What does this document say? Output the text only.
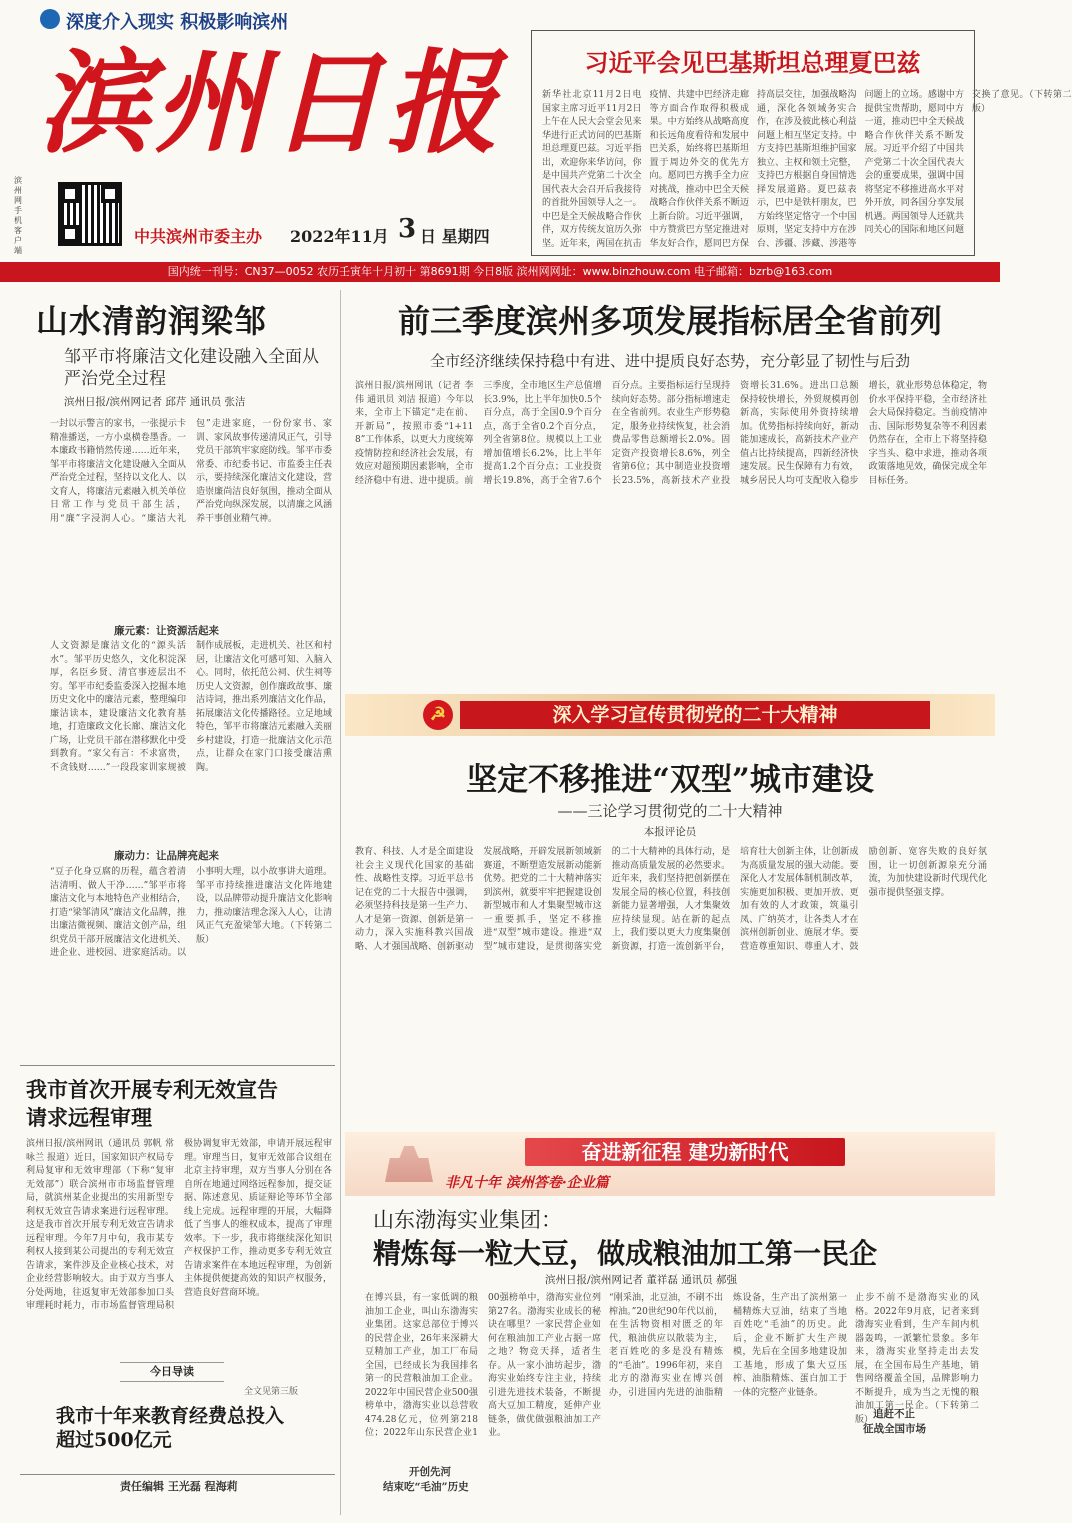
深度介入现实 积极影响滨州
滨州日报
滨州网手机客户端
中共滨州市委主办 2022年11月 3 日 星期四
习近平会见巴基斯坦总理夏巴兹
新华社北京11月2日电 国家主席习近平11月2日上午在人民大会堂会见来华进行正式访问的巴基斯坦总理夏巴兹。习近平指出，欢迎你来华访问，你是中国共产党第二十次全国代表大会召开后我接待的首批外国领导人之一。中巴是全天候战略合作伙伴，双方传统友谊历久弥坚。近年来，两国在抗击疫情、共建中巴经济走廊等方面合作取得积极成果。中方始终从战略高度和长远角度看待和发展中巴关系，始终将巴基斯坦置于周边外交的优先方向。愿同巴方携手全力应对挑战，推动中巴全天候战略合作伙伴关系不断迈上新台阶。习近平强调，中方赞赏巴方坚定推进对华友好合作，愿同巴方保持高层交往，加强战略沟通，深化各领域务实合作，在涉及彼此核心利益问题上相互坚定支持。中方支持巴基斯坦维护国家独立、主权和领土完整，支持巴方根据自身国情选择发展道路。夏巴兹表示，巴中是铁杆朋友，巴方始终坚定恪守一个中国原则，坚定支持中方在涉台、涉疆、涉藏、涉港等问题上的立场。感谢中方提供宝贵帮助，愿同中方一道，推动巴中全天候战略合作伙伴关系不断发展。习近平介绍了中国共产党第二十次全国代表大会的重要成果，强调中国将坚定不移推进高水平对外开放，同各国分享发展机遇。两国领导人还就共同关心的国际和地区问题交换了意见。（下转第二版）
国内统一刊号：CN37—0052 农历壬寅年十月初十 第8691期 今日8版 滨州网网址：www.binzhouw.com 电子邮箱：bzrb@163.com
山水清韵润梁邹
邹平市将廉洁文化建设融入全面从严治党全过程
滨州日报/滨州网记者 邱芹 通讯员 张洁
一封以示警言的家书，一张提示卡精准播送，一方小桌横卷墨香。一本廉政书籍悄然传递……近年来，邹平市将廉洁文化建设融入全面从严治党全过程，坚持以文化人、以文育人，将廉洁元素融入机关单位日常工作与党员干部生活，用“廉”字浸润人心。“廉洁大礼包”走进家庭，一份份家书、家训、家风故事传递清风正气，引导党员干部筑牢家庭防线。邹平市委常委、市纪委书记、市监委主任表示，要持续深化廉洁文化建设，营造崇廉尚洁良好氛围，推动全面从严治党向纵深发展，以清廉之风涵养干事创业精气神。
廉元素：让资源活起来
人文资源是廉洁文化的“源头活水”。邹平历史悠久，文化积淀深厚，名臣乡贤、清官事迹层出不穷。邹平市纪委监委深入挖掘本地历史文化中的廉洁元素，整理编印廉洁读本，建设廉洁文化教育基地，打造廉政文化长廊、廉洁文化广场，让党员干部在潜移默化中受到教育。“家父有言：不求富贵，不贪钱财……”一段段家训家规被制作成展板，走进机关、社区和村居，让廉洁文化可感可知、入脑入心。同时，依托范公祠、伏生祠等历史人文资源，创作廉政故事、廉洁诗词，推出系列廉洁文化作品，拓展廉洁文化传播路径。立足地域特色，邹平市将廉洁元素融入美丽乡村建设，打造一批廉洁文化示范点，让群众在家门口接受廉洁熏陶。
廉动力：让品牌亮起来
“豆子化身豆腐的历程，蕴含着清洁清明、做人干净……”邹平市将廉洁文化与本地特色产业相结合，打造“梁邹清风”廉洁文化品牌，推出廉洁微视频、廉洁文创产品，组织党员干部开展廉洁文化进机关、进企业、进校园、进家庭活动。以小事明大理，以小故事讲大道理。邹平市持续推进廉洁文化阵地建设，以品牌带动提升廉洁文化影响力，推动廉洁理念深入人心，让清风正气充盈梁邹大地。（下转第二版）
我市首次开展专利无效宣告请求远程审理
滨州日报/滨州网讯（通讯员 郭帆 常咏兰 报道）近日，国家知识产权局专利局复审和无效审理部（下称“复审无效部”）联合滨州市市场监督管理局，就滨州某企业提出的实用新型专利权无效宣告请求案进行远程审理。这是我市首次开展专利无效宣告请求远程审理。今年7月中旬，我市某专利权人接到某公司提出的专利无效宣告请求，案件涉及企业核心技术，对企业经营影响较大。由于双方当事人分处两地，往返复审无效部参加口头审理耗时耗力，市市场监督管理局积极协调复审无效部，申请开展远程审理。审理当日，复审无效部合议组在北京主持审理，双方当事人分别在各自所在地通过网络远程参加，提交证据、陈述意见、质证辩论等环节全部线上完成。远程审理的开展，大幅降低了当事人的维权成本，提高了审理效率。下一步，我市将继续深化知识产权保护工作，推动更多专利无效宣告请求案件在本地远程审理，为创新主体提供便捷高效的知识产权服务，营造良好营商环境。
今日导读
全文见第三版
我市十年来教育经费总投入超过500亿元
责任编辑 王光磊 程海莉
前三季度滨州多项发展指标居全省前列
全市经济继续保持稳中有进、进中提质良好态势，充分彰显了韧性与后劲
滨州日报/滨州网讯（记者 李伟 通讯员 刘洁 报道）今年以来，全市上下锚定“走在前、开新局”，按照市委“1+118”工作体系，以更大力度统筹疫情防控和经济社会发展，有效应对超预期因素影响，全市经济稳中有进、进中提质。前三季度，全市地区生产总值增长3.9%，比上半年加快0.5个百分点，高于全国0.9个百分点，高于全省0.2个百分点，列全省第8位。规模以上工业增加值增长6.2%，比上半年提高1.2个百分点；工业投资增长19.8%，高于全省7.6个百分点。主要指标运行呈现持续向好态势。部分指标增速走在全省前列。农业生产形势稳定，服务业持续恢复，社会消费品零售总额增长2.0%。固定资产投资增长8.6%，列全省第6位；其中制造业投资增长23.5%，高新技术产业投资增长31.6%。进出口总额保持较快增长，外贸规模再创新高，实际使用外资持续增加。优势指标持续向好，新动能加速成长，高新技术产业产值占比持续提高，四新经济快速发展。民生保障有力有效，城乡居民人均可支配收入稳步增长，就业形势总体稳定，物价水平保持平稳，全市经济社会大局保持稳定。当前疫情冲击、国际形势复杂等不利因素仍然存在，全市上下将坚持稳字当头、稳中求进，推动各项政策落地见效，确保完成全年目标任务。
☭	深入学习宣传贯彻党的二十大精神
坚定不移推进“双型”城市建设
——三论学习贯彻党的二十大精神
本报评论员
教育、科技、人才是全面建设社会主义现代化国家的基础性、战略性支撑。习近平总书记在党的二十大报告中强调，必须坚持科技是第一生产力、人才是第一资源、创新是第一动力，深入实施科教兴国战略、人才强国战略、创新驱动发展战略，开辟发展新领域新赛道，不断塑造发展新动能新优势。把党的二十大精神落实到滨州，就要牢牢把握建设创新型城市和人才集聚型城市这一重要抓手，坚定不移推进“双型”城市建设。推进“双型”城市建设，是贯彻落实党的二十大精神的具体行动，是推动高质量发展的必然要求。近年来，我们坚持把创新摆在发展全局的核心位置，科技创新能力显著增强，人才集聚效应持续显现。站在新的起点上，我们要以更大力度集聚创新资源，打造一流创新平台，培育壮大创新主体，让创新成为高质量发展的强大动能。要深化人才发展体制机制改革，实施更加积极、更加开放、更加有效的人才政策，筑巢引凤、广纳英才，让各类人才在滨州创新创业、施展才华。要营造尊重知识、尊重人才、鼓励创新、宽容失败的良好氛围，让一切创新源泉充分涌流，为加快建设新时代现代化强市提供坚强支撑。
奋进新征程 建功新时代
非凡十年 滨州答卷·企业篇
山东渤海实业集团：
精炼每一粒大豆，做成粮油加工第一民企
滨州日报/滨州网记者 董祥磊 通讯员 郝强
在博兴县，有一家低调的粮油加工企业，叫山东渤海实业集团。这家总部位于博兴的民营企业，26年来深耕大豆精加工产业，加工厂布局全国，已经成长为我国排名第一的民营粮油加工企业。2022年中国民营企业500强榜单中，渤海实业以总营收474.28亿元，位列第218位；2022年山东民营企业100强榜单中，渤海实业位列第27名。渤海实业成长的秘诀在哪里？一家民营企业如何在粮油加工产业占据一席之地？物竞天择，适者生存。从一家小油坊起步，渤海实业始终专注主业，持续引进先进技术装备，不断提高大豆加工精度，延伸产业链条，做优做强粮油加工产业。
开创先河
结束吃“毛油”历史
“刚采油，北豆油，不刷不出榨油。”20世纪90年代以前，在生活物资相对匮乏的年代，粮油供应以散装为主，老百姓吃的多是没有精炼的“毛油”。1996年初，来自北方的渤海实业在博兴创办，引进国内先进的油脂精炼设备，生产出了滨州第一桶精炼大豆油，结束了当地百姓吃“毛油”的历史。此后，企业不断扩大生产规模，先后在全国多地建设加工基地，形成了集大豆压榨、油脂精炼、蛋白加工于一体的完整产业链条。
追赶不止
征战全国市场
止步不前不是渤海实业的风格。2022年9月底，记者来到渤海实业看到，生产车间内机器轰鸣，一派繁忙景象。多年来，渤海实业坚持走出去发展，在全国布局生产基地，销售网络覆盖全国，品牌影响力不断提升，成为当之无愧的粮油加工第一民企。（下转第二版）
